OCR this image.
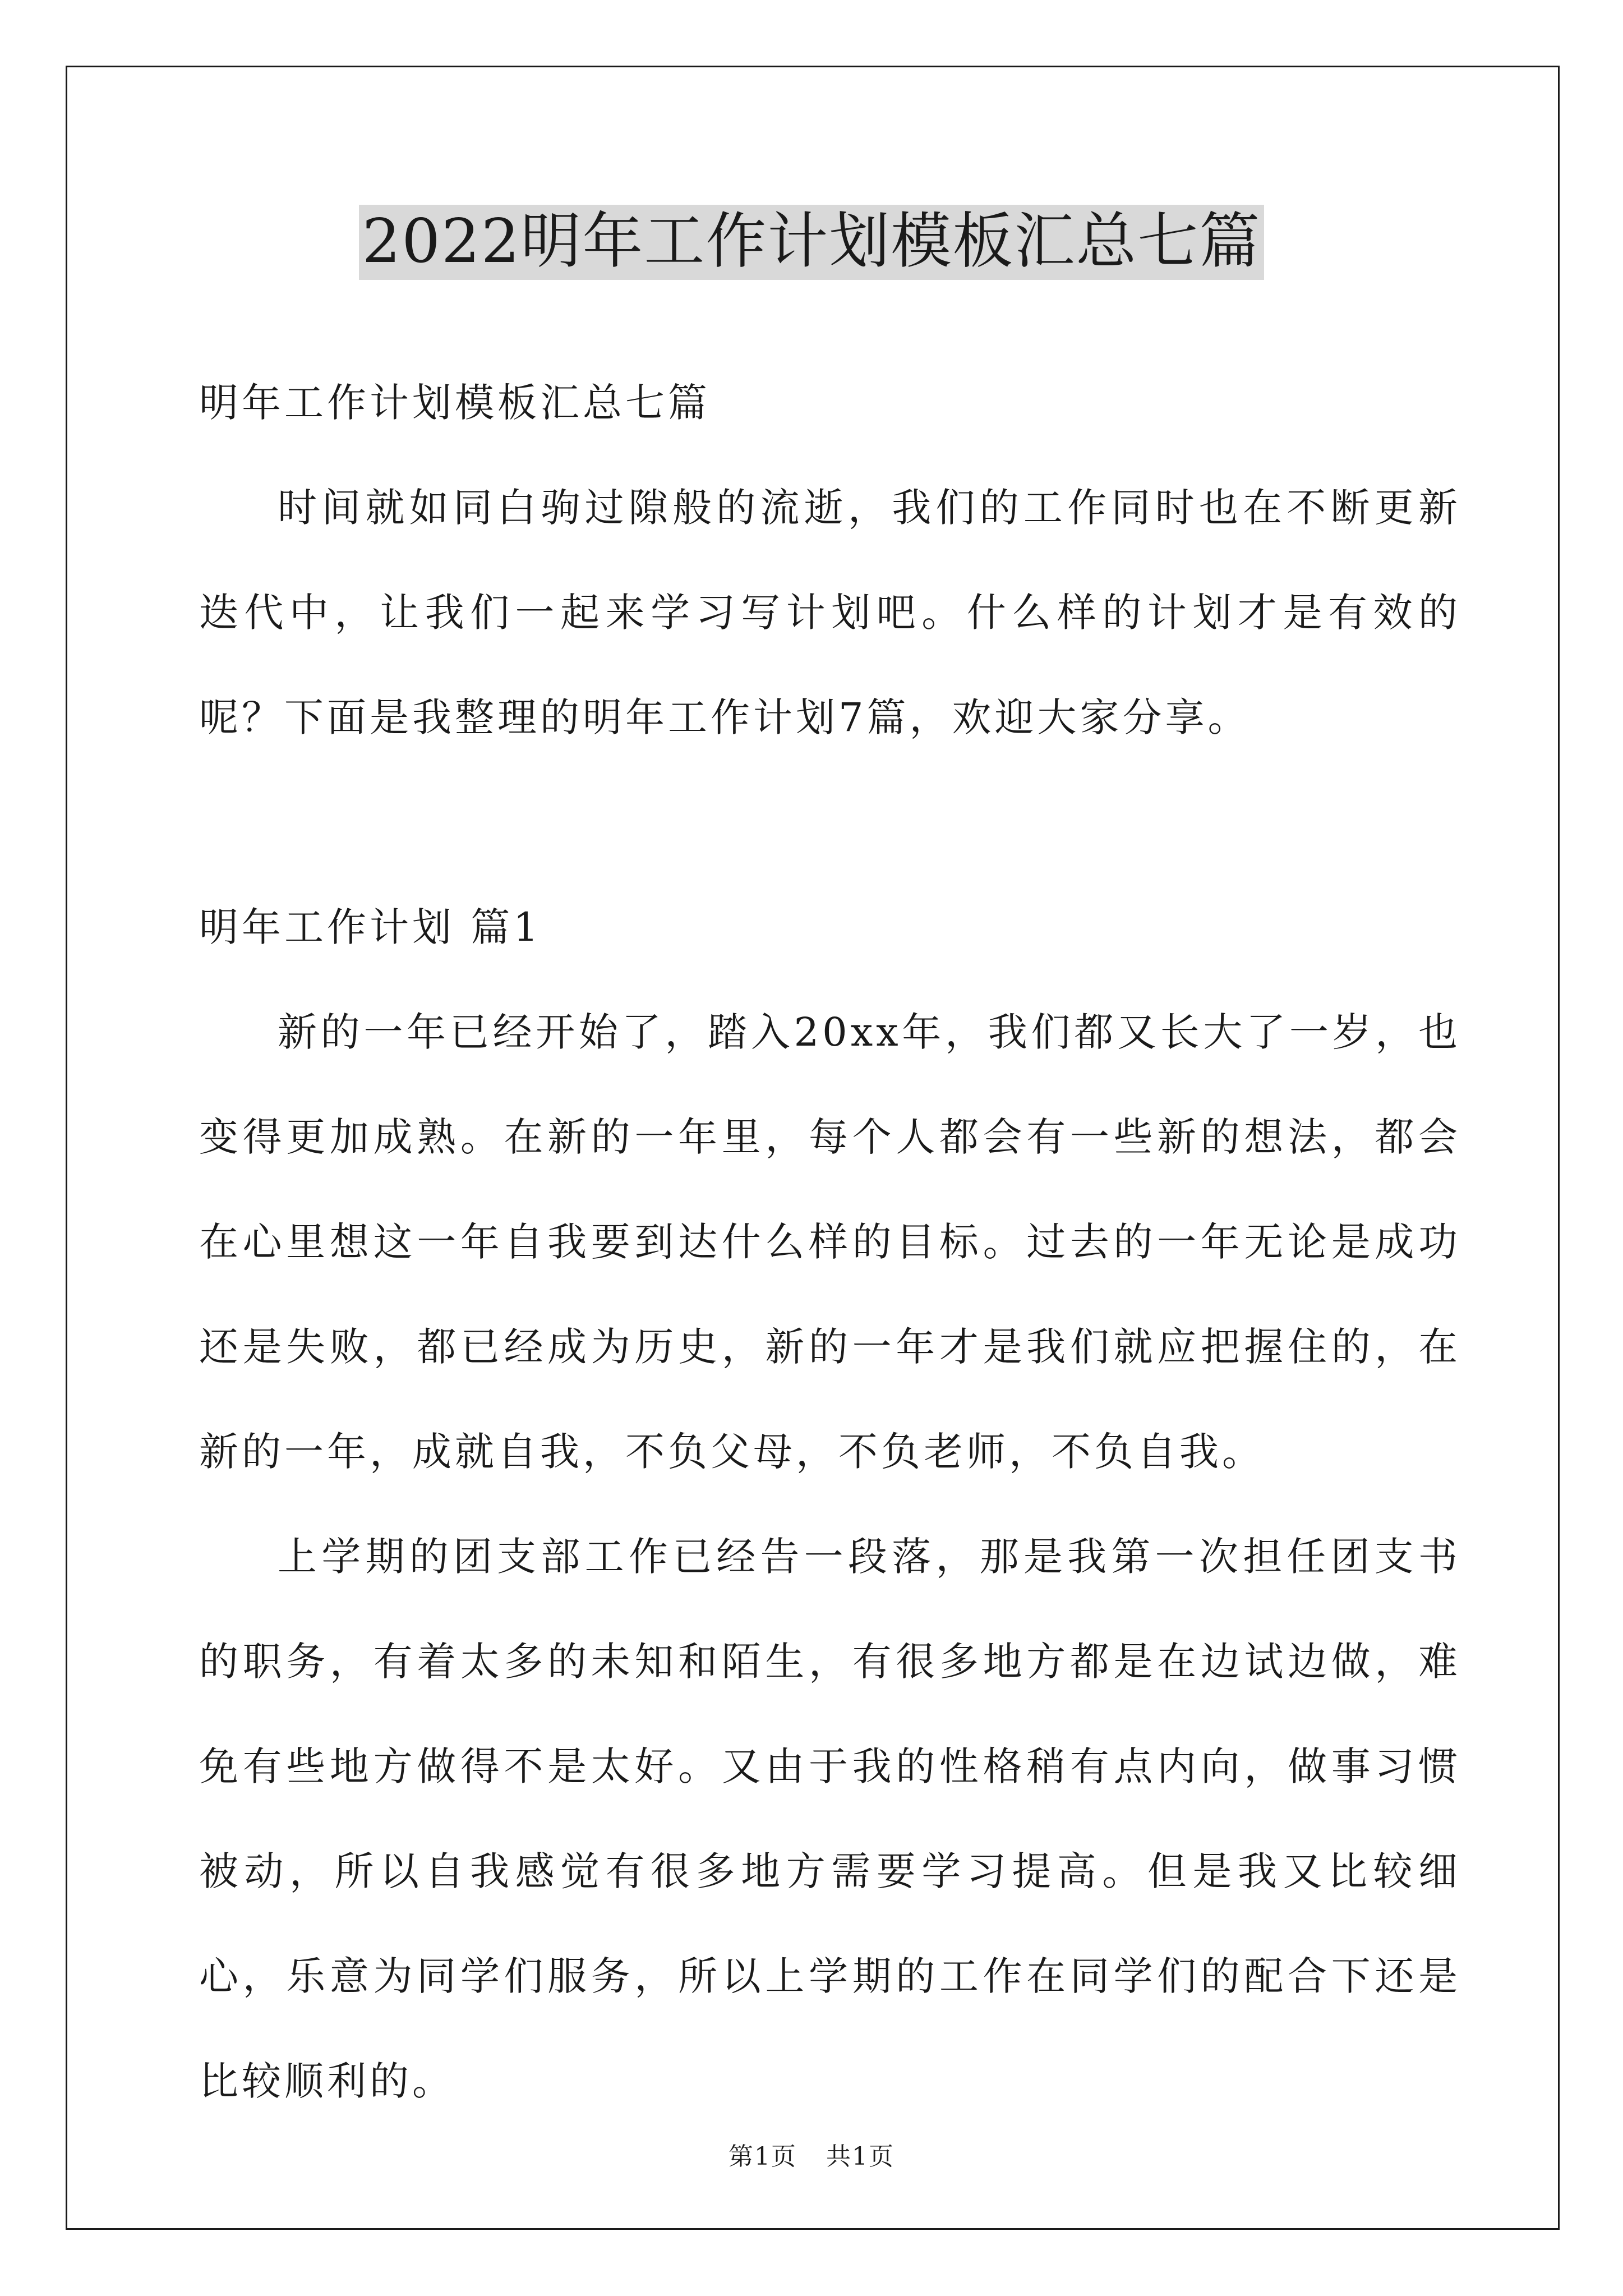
2022明年工作计划模板汇总七篇

明年工作计划模板汇总七篇

时间就如同白驹过隙般的流逝，我们的工作同时也在不断更新迭代中，让我们一起来学习写计划吧。什么样的计划才是有效的呢？下面是我整理的明年工作计划7篇，欢迎大家分享。

明年工作计划 篇1

新的一年已经开始了，踏入20xx年，我们都又长大了一岁，也变得更加成熟。在新的一年里，每个人都会有一些新的想法，都会在心里想这一年自我要到达什么样的目标。过去的一年无论是成功还是失败，都已经成为历史，新的一年才是我们就应把握住的，在新的一年，成就自我，不负父母，不负老师，不负自我。

上学期的团支部工作已经告一段落，那是我第一次担任团支书的职务，有着太多的未知和陌生，有很多地方都是在边试边做，难免有些地方做得不是太好。又由于我的性格稍有点内向，做事习惯被动，所以自我感觉有很多地方需要学习提高。但是我又比较细心，乐意为同学们服务，所以上学期的工作在同学们的配合下还是比较顺利的。

第1页 共1页
